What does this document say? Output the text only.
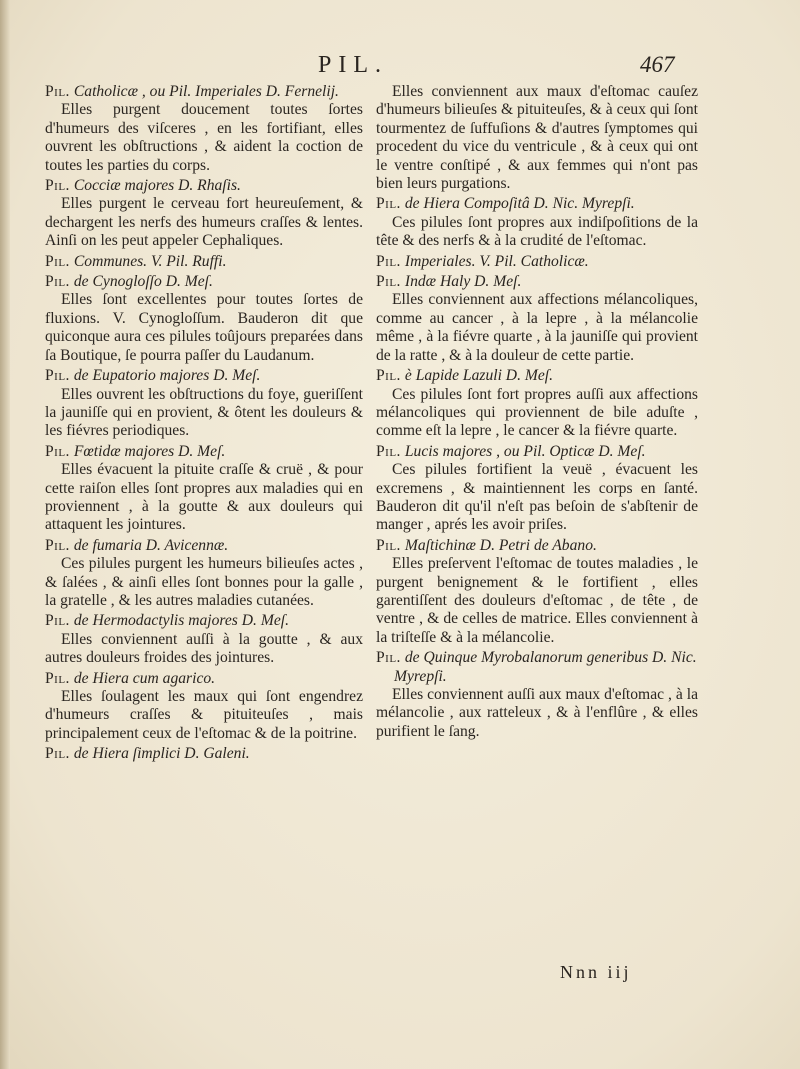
PIL.	467

Pil. Catholicæ , ou Pil. Imperiales D. Fernelij.

Elles purgent doucement toutes ſortes d'humeurs des viſceres , en les fortifiant, elles ouvrent les obſtructions , & aident la coction de toutes les parties du corps.

Pil. Cocciæ majores D. Rhaſis.

Elles purgent le cerveau fort heureuſement, & dechargent les nerfs des humeurs craſſes & lentes. Ainſi on les peut appeler Cephaliques.

Pil. Communes. V. Pil. Ruffi.

Pil. de Cynogloſſo D. Meſ.

Elles ſont excellentes pour toutes ſortes de fluxions. V. Cynogloſſum. Bauderon dit que quiconque aura ces pilules toûjours preparées dans ſa Boutique, ſe pourra paſſer du Laudanum.

Pil. de Eupatorio majores D. Meſ.

Elles ouvrent les obſtructions du foye, gueriſſent la jauniſſe qui en provient, & ôtent les douleurs & les fiévres periodiques.

Pil. Fœtidæ majores D. Meſ.

Elles évacuent la pituite craſſe & cruë , & pour cette raiſon elles ſont propres aux maladies qui en proviennent , à la goutte & aux douleurs qui attaquent les jointures.

Pil. de fumaria D. Avicennæ.

Ces pilules purgent les humeurs bilieuſes actes , & ſalées , & ainſi elles ſont bonnes pour la galle , la gratelle , & les autres maladies cutanées.

Pil. de Hermodactylis majores D. Meſ.

Elles conviennent auſſi à la goutte , & aux autres douleurs froides des jointures.

Pil. de Hiera cum agarico.

Elles ſoulagent les maux qui ſont engendrez d'humeurs craſſes & pituiteuſes , mais principalement ceux de l'eſtomac & de la poitrine.

Pil. de Hiera ſimplici D. Galeni.

Elles conviennent aux maux d'eſtomac cauſez d'humeurs bilieuſes & pituiteuſes, & à ceux qui ſont tourmentez de ſuffuſions & d'autres ſymptomes qui procedent du vice du ventricule , & à ceux qui ont le ventre conſtipé , & aux femmes qui n'ont pas bien leurs purgations.

Pil. de Hiera Compoſitâ D. Nic. Myrepſi.

Ces pilules ſont propres aux indiſpoſitions de la tête & des nerfs & à la crudité de l'eſtomac.

Pil. Imperiales. V. Pil. Catholicæ.

Pil. Indæ Haly D. Meſ.

Elles conviennent aux affections mélancoliques, comme au cancer , à la lepre , à la mélancolie même , à la fiévre quarte , à la jauniſſe qui provient de la ratte , & à la douleur de cette partie.

Pil. è Lapide Lazuli D. Meſ.

Ces pilules ſont fort propres auſſi aux affections mélancoliques qui proviennent de bile aduſte , comme eſt la lepre , le cancer & la fiévre quarte.

Pil. Lucis majores , ou Pil. Opticæ D. Meſ.

Ces pilules fortifient la veuë , évacuent les excremens , & maintiennent les corps en ſanté. Bauderon dit qu'il n'eſt pas beſoin de s'abſtenir de manger , aprés les avoir priſes.

Pil. Maſtichinæ D. Petri de Abano.

Elles preſervent l'eſtomac de toutes maladies , le purgent benignement & le fortifient , elles garentiſſent des douleurs d'eſtomac , de tête , de ventre , & de celles de matrice. Elles conviennent à la triſteſſe & à la mélancolie.

Pil. de Quinque Myrobalanorum generibus D. Nic. Myrepſi.

Elles conviennent auſſi aux maux d'eſtomac , à la mélancolie , aux ratteleux , & à l'enflûre , & elles purifient le ſang.

Nnn iij
